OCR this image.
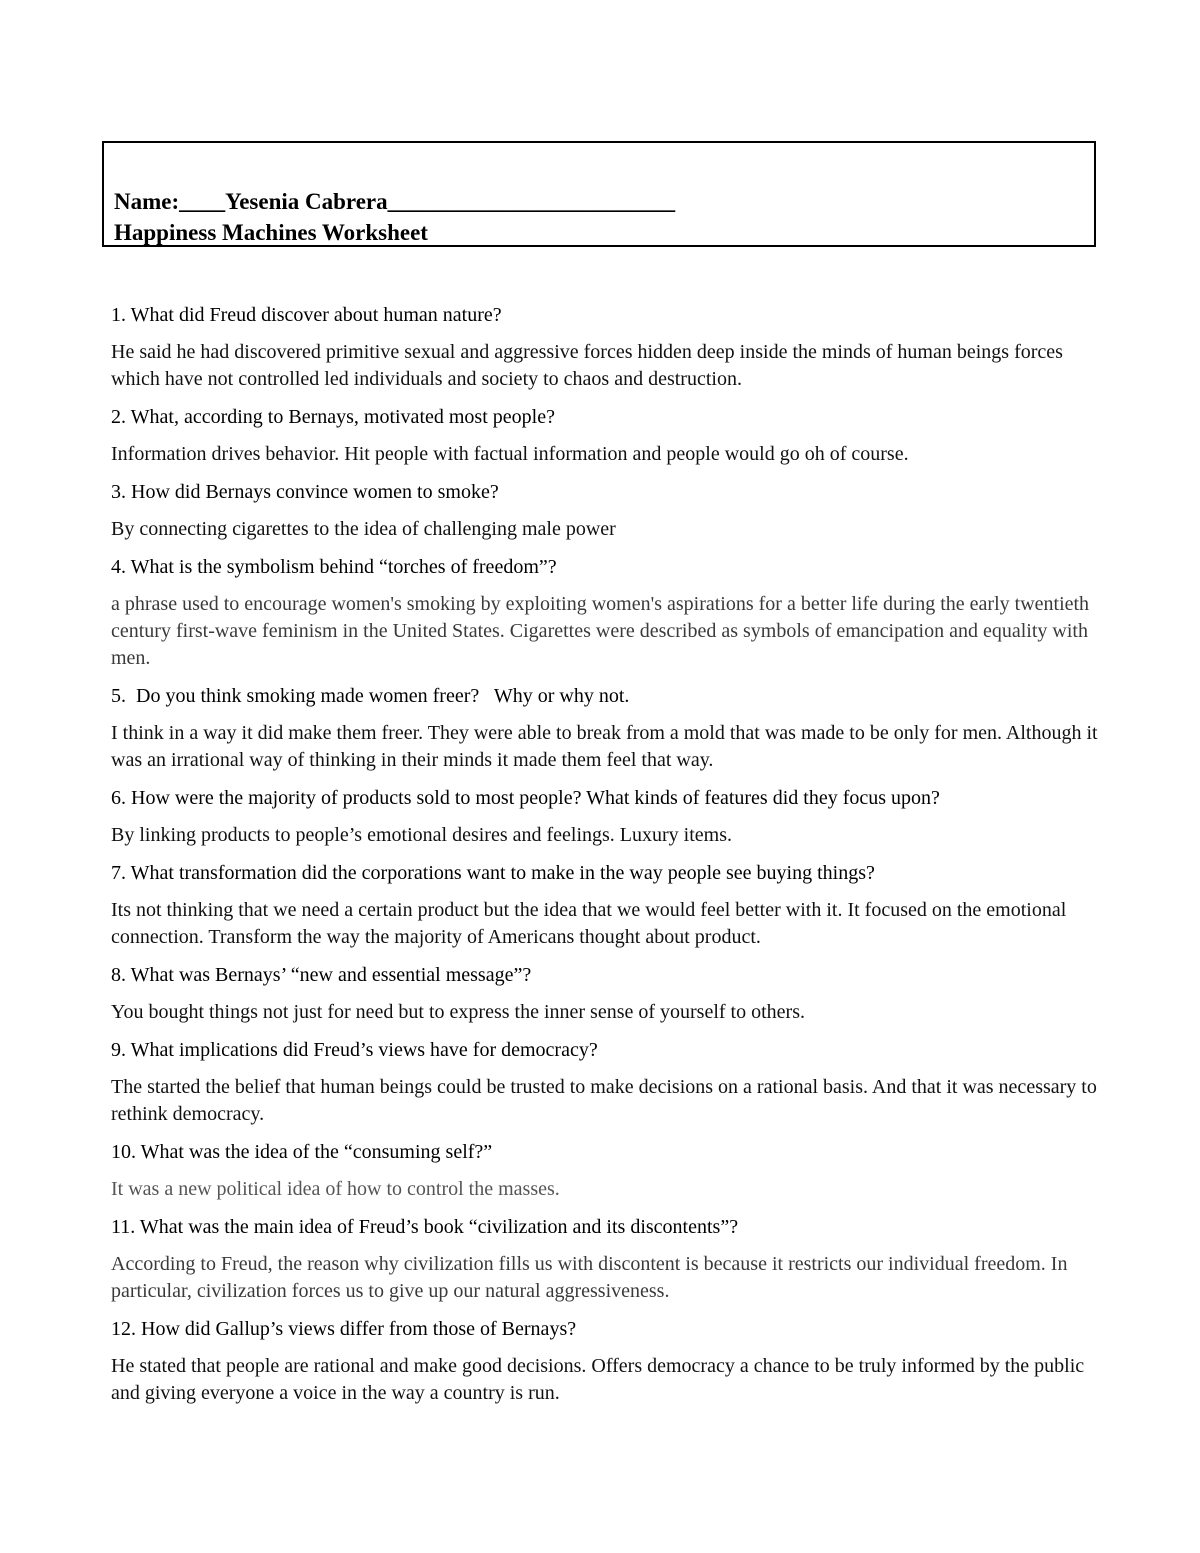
Name:____Yesenia Cabrera_________________________
Happiness Machines Worksheet

1. What did Freud discover about human nature?

He said he had discovered primitive sexual and aggressive forces hidden deep inside the minds of human beings forces which have not controlled led individuals and society to chaos and destruction.

2. What, according to Bernays, motivated most people?

Information drives behavior. Hit people with factual information and people would go oh of course.

3. How did Bernays convince women to smoke?

By connecting cigarettes to the idea of challenging male power

4. What is the symbolism behind “torches of freedom”?

a phrase used to encourage women's smoking by exploiting women's aspirations for a better life during the early twentieth century first-wave feminism in the United States. Cigarettes were described as symbols of emancipation and equality with men.

5.  Do you think smoking made women freer?   Why or why not.

I think in a way it did make them freer. They were able to break from a mold that was made to be only for men. Although it was an irrational way of thinking in their minds it made them feel that way.

6. How were the majority of products sold to most people? What kinds of features did they focus upon?

By linking products to people’s emotional desires and feelings. Luxury items.

7. What transformation did the corporations want to make in the way people see buying things?

Its not thinking that we need a certain product but the idea that we would feel better with it. It focused on the emotional connection. Transform the way the majority of Americans thought about product.

8. What was Bernays’ “new and essential message”?

You bought things not just for need but to express the inner sense of yourself to others.

9. What implications did Freud’s views have for democracy?

The started the belief that human beings could be trusted to make decisions on a rational basis. And that it was necessary to rethink democracy.

10. What was the idea of the “consuming self?”

It was a new political idea of how to control the masses.

11. What was the main idea of Freud’s book “civilization and its discontents”?

According to Freud, the reason why civilization fills us with discontent is because it restricts our individual freedom. In particular, civilization forces us to give up our natural aggressiveness.

12. How did Gallup’s views differ from those of Bernays?

He stated that people are rational and make good decisions. Offers democracy a chance to be truly informed by the public and giving everyone a voice in the way a country is run.
